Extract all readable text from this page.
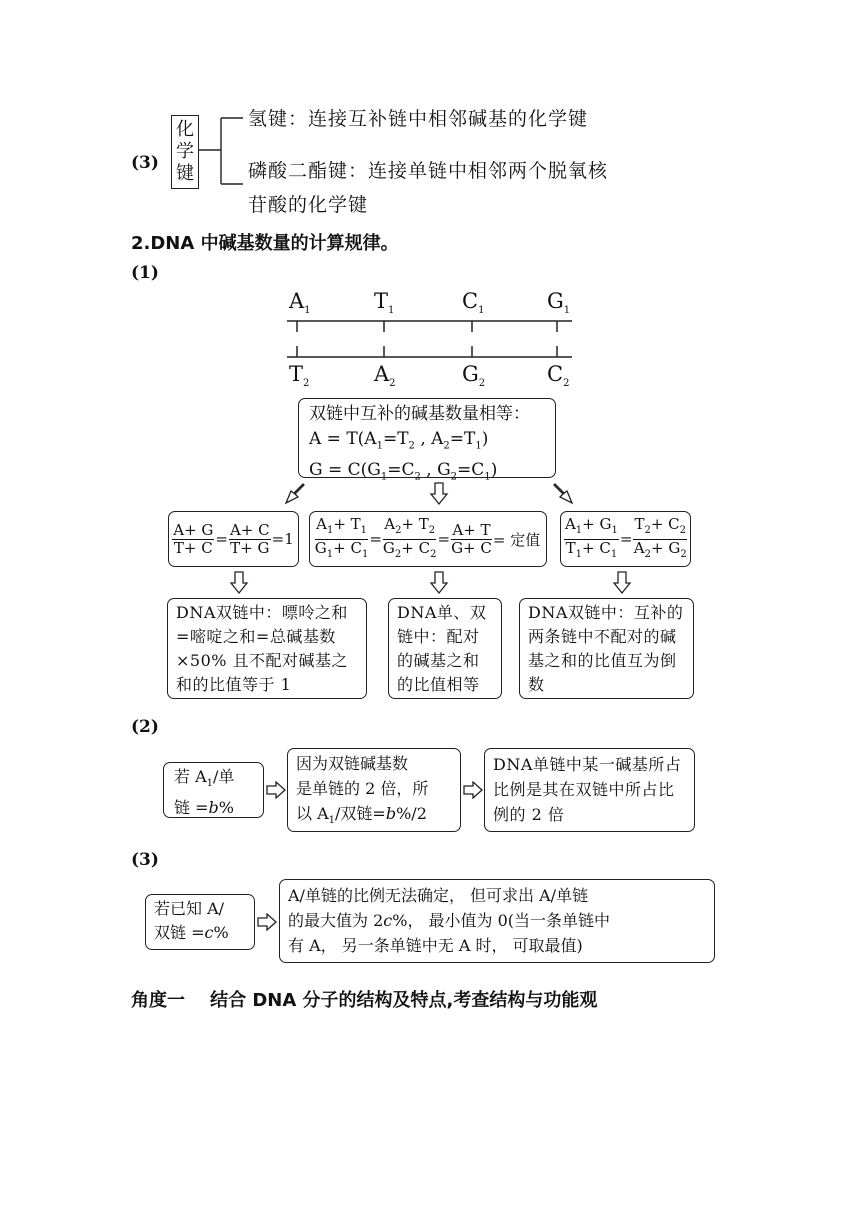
(3)
化
学
键
氢键：连接互补链中相邻碱基的化学键
磷酸二酯键：连接单链中相邻两个脱氧核
苷酸的化学键
2.DNA 中碱基数量的计算规律。
(1)
$A_1$	$T_1$	$C_1$	$G_1$
$T_2$	$A_2$	$G_2$	$C_2$
双链中互补的碱基数量相等：
$A = T(A_1=T_2$ , $A_2=T_1$)
$G = C(G_1=C_2$ , $G_2=C_1$)
$\frac{A+ G}{T+ C} = \frac{A+ C}{T+ G} =1 \frac{A_1+ T_1}{G_1+ C_1} = \frac{A_2+ T_2}{G_2+ C_2} = \frac{A+ T}{G+ C}$ = 定值 $\frac{A_1+ G_1}{T_1+ C_1} = \frac{T_2+ C_2}{A_2+ G_2}$
DNA双链中：嘌呤之和=嘧啶之和=总碱基数 ×50% 且不配对碱基之和的比值等于 1
DNA单、双链中：配对的碱基之和的比值相等
DNA双链中：互补的两条链中不配对的碱基之和的比值互为倒数
(2)
若 $A_1/$单
链 =b%
因为双链碱基数
是单链的 2 倍，所
以 $A_1/$双链=b%/2
DNA单链中某一碱基所占比例是其在双链中所占比例的 2 倍
(3)
若已知 A/
双链 =c%
A/单链的比例无法确定， 但可求出 A/单链
的最大值为 2c%， 最小值为 0(当一条单链中
有 A， 另一条单链中无 A 时， 可取最值)
角度一    结合 DNA 分子的结构及特点,考查结构与功能观
